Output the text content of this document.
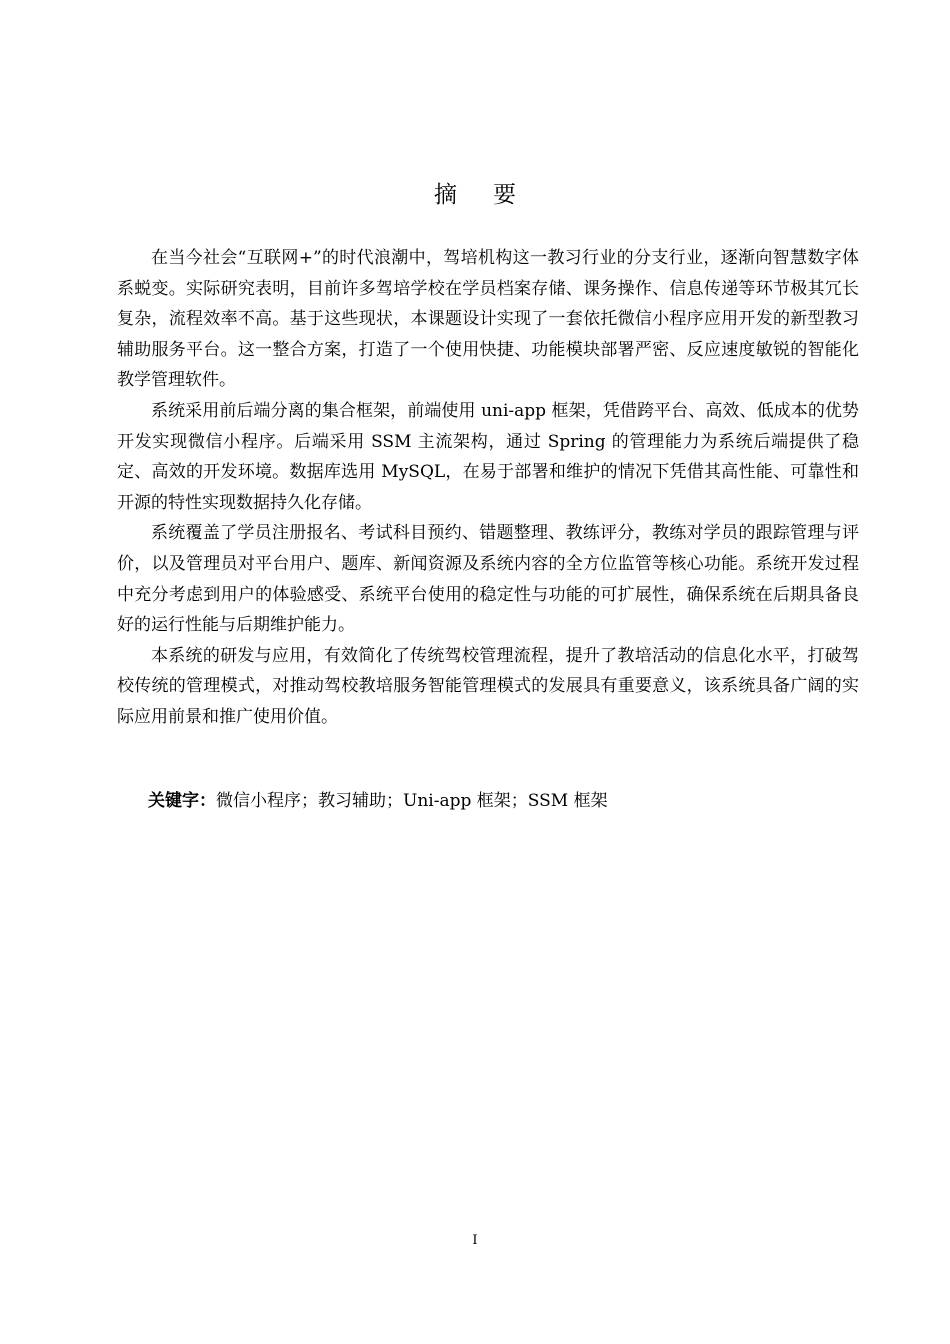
摘要

在当今社会“互联网+”的时代浪潮中，驾培机构这一教习行业的分支行业，逐渐向智慧数字体系蜕变。实际研究表明，目前许多驾培学校在学员档案存储、课务操作、信息传递等环节极其冗长复杂，流程效率不高。基于这些现状，本课题设计实现了一套依托微信小程序应用开发的新型教习辅助服务平台。这一整合方案，打造了一个使用快捷、功能模块部署严密、反应速度敏锐的智能化教学管理软件。

系统采用前后端分离的集合框架，前端使用 uni-app 框架，凭借跨平台、高效、低成本的优势开发实现微信小程序。后端采用 SSM 主流架构，通过 Spring 的管理能力为系统后端提供了稳定、高效的开发环境。数据库选用 MySQL，在易于部署和维护的情况下凭借其高性能、可靠性和开源的特性实现数据持久化存储。

系统覆盖了学员注册报名、考试科目预约、错题整理、教练评分，教练对学员的跟踪管理与评价，以及管理员对平台用户、题库、新闻资源及系统内容的全方位监管等核心功能。系统开发过程中充分考虑到用户的体验感受、系统平台使用的稳定性与功能的可扩展性，确保系统在后期具备良好的运行性能与后期维护能力。

本系统的研发与应用，有效简化了传统驾校管理流程，提升了教培活动的信息化水平，打破驾校传统的管理模式，对推动驾校教培服务智能管理模式的发展具有重要意义，该系统具备广阔的实际应用前景和推广使用价值。

关键字：微信小程序；教习辅助；Uni-app 框架；SSM 框架
I
